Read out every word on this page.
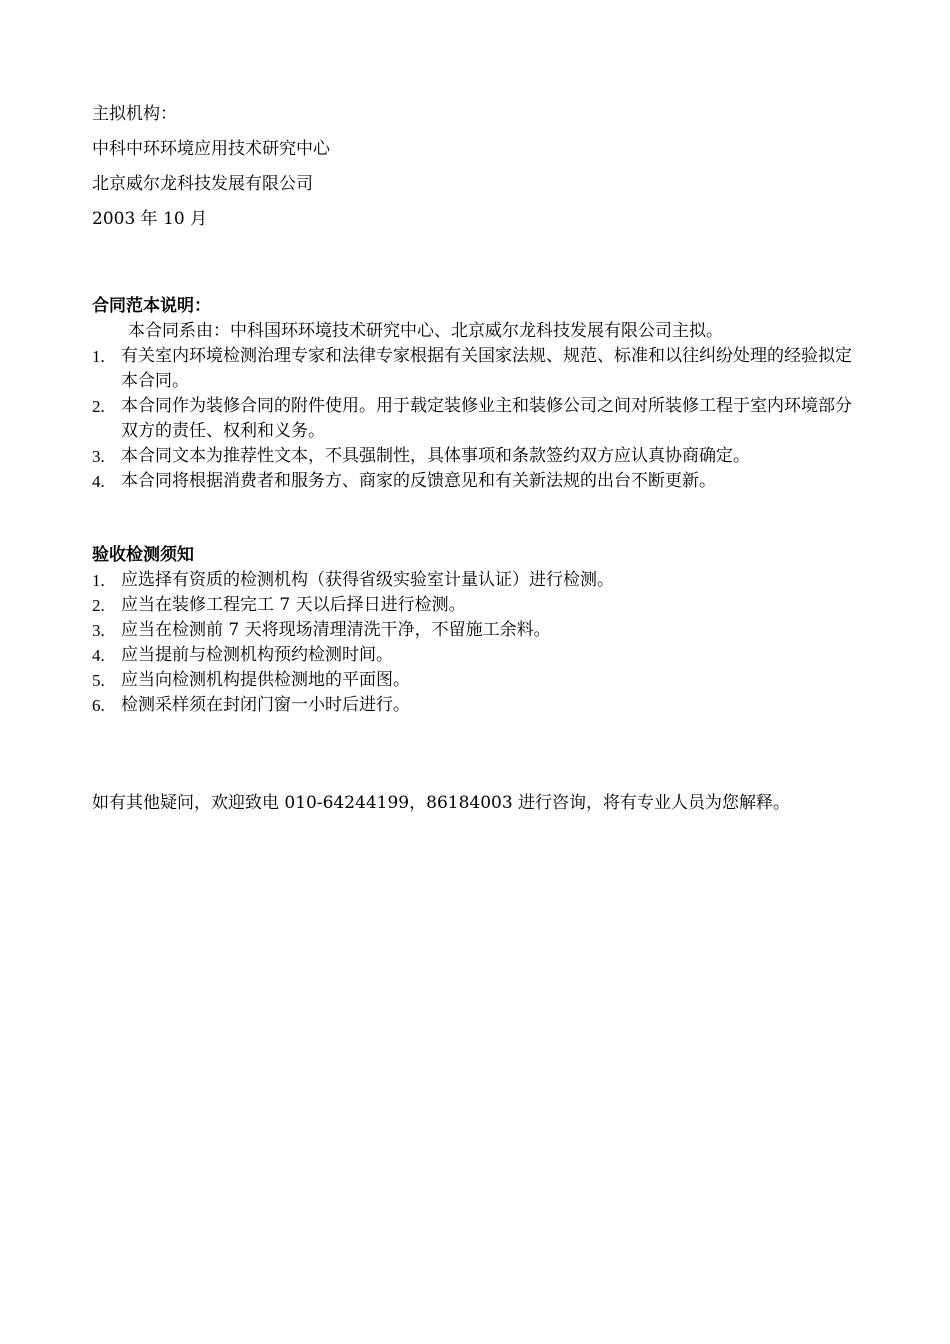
主拟机构：
中科中环环境应用技术研究中心
北京威尔龙科技发展有限公司
2003 年 10 月
合同范本说明：
本合同系由：中科国环环境技术研究中心、北京威尔龙科技发展有限公司主拟。
1. 有关室内环境检测治理专家和法律专家根据有关国家法规、规范、标准和以往纠纷处理的经验拟定本合同。
2. 本合同作为装修合同的附件使用。用于载定装修业主和装修公司之间对所装修工程于室内环境部分双方的责任、权利和义务。
3. 本合同文本为推荐性文本，不具强制性，具体事项和条款签约双方应认真协商确定。
4. 本合同将根据消费者和服务方、商家的反馈意见和有关新法规的出台不断更新。
验收检测须知
1. 应选择有资质的检测机构（获得省级实验室计量认证）进行检测。
2. 应当在装修工程完工 7 天以后择日进行检测。
3. 应当在检测前 7 天将现场清理清洗干净，不留施工余料。
4. 应当提前与检测机构预约检测时间。
5. 应当向检测机构提供检测地的平面图。
6. 检测采样须在封闭门窗一小时后进行。
如有其他疑问，欢迎致电 010-64244199，86184003 进行咨询，将有专业人员为您解释。
